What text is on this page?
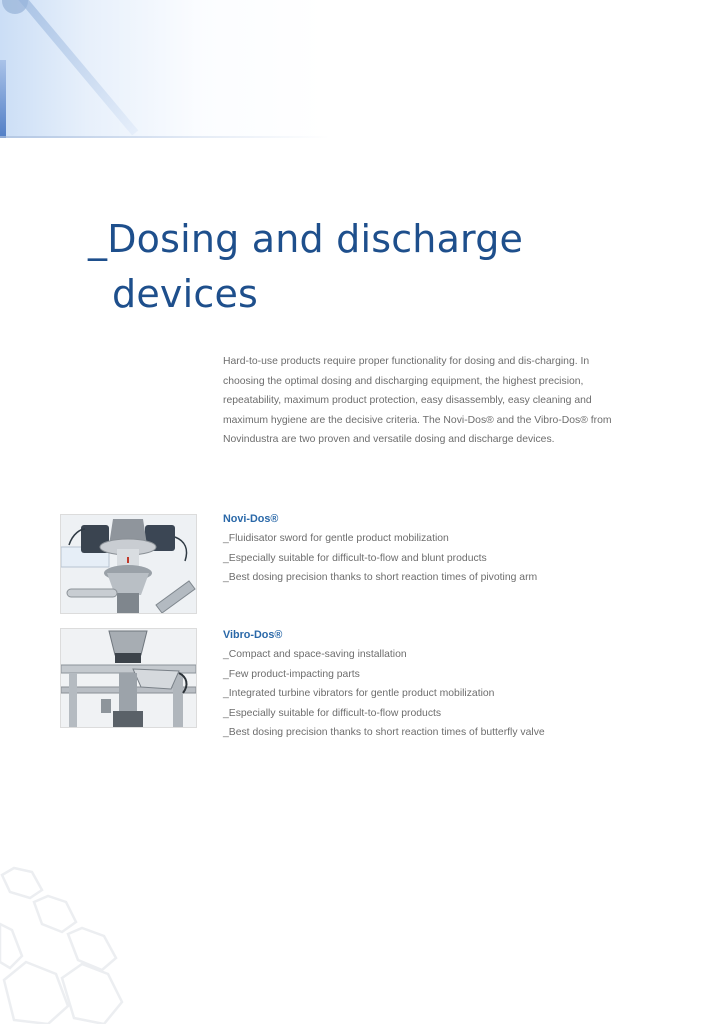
_Dosing and discharge
devices

Hard-to-use products require proper functionality for dosing and dis-charging. In choosing the optimal dosing and discharging equipment, the highest precision, repeatability, maximum product protection, easy disassembly, easy cleaning and maximum hygiene are the decisive criteria. The Novi-Dos® and the Vibro-Dos® from Novindustra are two proven and versatile dosing and discharge devices.

Novi-Dos®
_Fluidisator sword for gentle product mobilization
_Especially suitable for difficult-to-flow and blunt products
_Best dosing precision thanks to short reaction times of pivoting arm
Vibro-Dos®
_Compact and space-saving installation
_Few product-impacting parts
_Integrated turbine vibrators for gentle product mobilization
_Especially suitable for difficult-to-flow products
_Best dosing precision thanks to short reaction times of butterfly valve
